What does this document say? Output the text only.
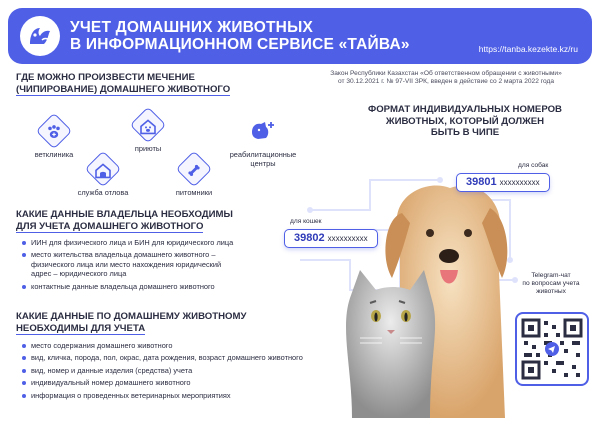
УЧЕТ ДОМАШНИХ ЖИВОТНЫХ
В ИНФОРМАЦИОННОМ СЕРВИСЕ «ТАЙВА»	https://tanba.kezekte.kz/ru
Закон Республики Казахстан «Об ответственном обращении с животными»
от 30.12.2021 г. № 97-VII ЗРК, введен в действие со 2 марта 2022 года
ГДЕ МОЖНО ПРОИЗВЕСТИ МЕЧЕНИЕ
(ЧИПИРОВАНИЕ) ДОМАШНЕГО ЖИВОТНОГО
ветклиника
приюты
реабилитационные
центры
служба отлова	питомники
КАКИЕ ДАННЫЕ ВЛАДЕЛЬЦА НЕОБХОДИМЫ
ДЛЯ УЧЕТА ДОМАШНЕГО ЖИВОТНОГО
ИИН для физического лица и БИН для юридического лица
место жительства владельца домашнего животного –
физического лица или место нахождения юридический
адрес – юридического лица
контактные данные владельца домашнего животного
КАКИЕ ДАННЫЕ ПО ДОМАШНЕМУ ЖИВОТНОМУ
НЕОБХОДИМЫ ДЛЯ УЧЕТА
место содержания домашнего животного
вид, кличка, порода, пол, окрас, дата рождения, возраст домашнего животного
вид, номер и данные изделия (средства) учета
индивидуальный номер домашнего животного
информация о проведенных ветеринарных мероприятиях
ФОРМАТ ИНДИВИДУАЛЬНЫХ НОМЕРОВ
ЖИВОТНЫХ, КОТОРЫЙ ДОЛЖЕН
БЫТЬ В ЧИПЕ
для собак
39801 xxxxxxxxxx
для кошек
39802 xxxxxxxxxx
Telegram-чат
по вопросам учета
животных
